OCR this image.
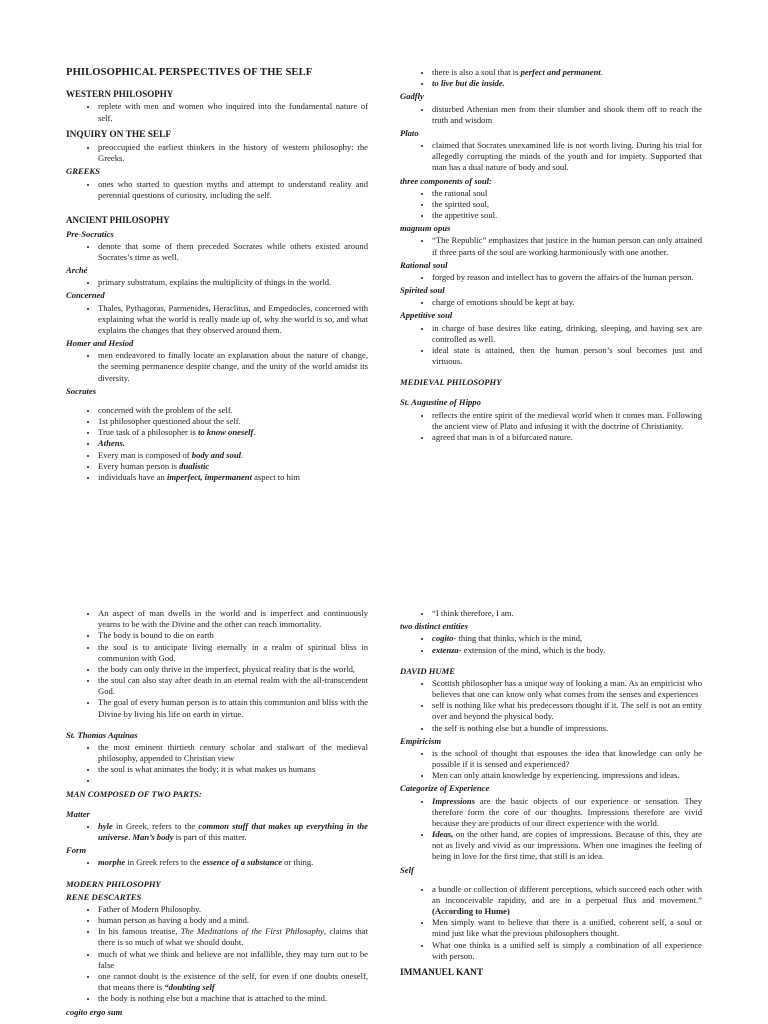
PHILOSOPHICAL PERSPECTIVES OF THE SELF
WESTERN PHILOSOPHY
• replete with men and women who inquired into the fundamental nature of self.
INQUIRY ON THE SELF
• preoccupied the earliest thinkers in the history of western philosophy: the Greeks.
GREEKS
• ones who started to question myths and attempt to understand reality and perennial questions of curiosity, including the self.
ANCIENT PHILOSOPHY
Pre-Socratics
• denote that some of them preceded Socrates while others existed around Socrates’s time as well.
Arché
• primary substratum, explains the multiplicity of things in the world.
Concerned
• Thales, Pythagoras, Parmenides, Heraclitus, and Empedocles, concerned with explaining what the world is really made up of, why the world is so, and what explains the changes that they observed around them.
Homer and Hesiod
• men endeavored to finally locate an explanation about the nature of change, the seeming permanence despite change, and the unity of the world amidst its diversity.
Socrates
• concerned with the problem of the self.
• 1st philosopher questioned about the self.
• True task of a philosopher is to know oneself.
• Athens.
• Every man is composed of body and soul.
• Every human person is dualistic
• individuals have an imperfect, impermanent aspect to him
• there is also a soul that is perfect and permanent.
• to live but die inside.
Gadfly
• disturbed Athenian men from their slumber and shook them off to reach the truth and wisdom
Plato
• claimed that Socrates unexamined life is not worth living. During his trial for allegedly corrupting the minds of the youth and for impiety. Supported that man has a dual nature of body and soul.
three components of soul:
• the rational soul
• the spirited soul,
• the appetitive soul.
magnum opus
• “The Republic” emphasizes that justice in the human person can only attained if three parts of the soul are working harmoniously with one another.
Rational soul
• forged by reason and intellect has to govern the affairs of the human person.
Spirited soul
• charge of emotions should be kept at bay.
Appetitive soul
• in charge of base desires like eating, drinking, sleeping, and having sex are controlled as well.
• ideal state is attained, then the human person’s soul becomes just and virtuous.
MEDIEVAL PHILOSOPHY
St. Augustine of Hippo
• reflects the entire spirit of the medieval world when it comes man. Following the ancient view of Plato and infusing it with the doctrine of Christianity.
• agreed that man is of a bifurcated nature.
• An aspect of man dwells in the world and is imperfect and continuously yearns to be with the Divine and the other can reach immortality.
• The body is bound to die on earth
• the soul is to anticipate living eternally in a realm of spiritual bliss in communion with God.
• the body can only thrive in the imperfect, physical reality that is the world,
• the soul can also stay after death in an eternal realm with the all-transcendent God.
• The goal of every human person is to attain this communion and bliss with the Divine by living his life on earth in virtue.
St. Thomas Aquinas
• the most eminent thirtieth century scholar and stalwart of the medieval philosophy, appended to Christian view
• the soul is what animates the body; it is what makes us humans
•
MAN COMPOSED OF TWO PARTS:
Matter
• hyle in Greek, refers to the common stuff that makes up everything in the universe. Man’s body is part of this matter.
Form
• morphe in Greek refers to the essence of a substance or thing.
MODERN PHILOSOPHY
RENE DESCARTES
• Father of Modern Philosophy.
• human person as having a body and a mind.
• In his famous treatise, The Meditations of the First Philosophy, claims that there is so much of what we should doubt.
• much of what we think and believe are not infallible, they may turn out to be false
• one cannot doubt is the existence of the self, for even if one doubts oneself, that means there is “doubting self
• the body is nothing else but a machine that is attached to the mind.
cogito ergo sum
• “I think therefore, I am.
two distinct entities
• cogito- thing that thinks, which is the mind,
• extenza- extension of the mind, which is the body.
DAVID HUME
• Scottish philosopher has a unique way of looking a man. As an empiricist who believes that one can know only what comes from the senses and experiences
• self is nothing like what his predecessors thought if it. The self is not an entity over and beyond the physical body.
• the self is nothing else but a bundle of impressions.
Empiricism
• is the school of thought that espouses the idea that knowledge can only be possible if it is sensed and experienced?
• Men can only attain knowledge by experiencing. impressions and ideas.
Categorize of Experience
• Impressions are the basic objects of our experience or sensation. They therefore form the core of our thoughts. Impressions therefore are vivid because they are products of our direct experience with the world.
• Ideas, on the other hand, are copies of impressions. Because of this, they are not as lively and vivid as our impressions. When one imagines the feeling of being in love for the first time, that still is an idea.
Self
• a bundle or collection of different perceptions, which succeed each other with an inconceivable rapidity, and are in a perpetual flux and movement.” (According to Hume)
• Men simply want to believe that there is a unified, coherent self, a soul or mind just like what the previous philosophers thought.
• What one thinks is a unified self is simply a combination of all experience with person.
IMMANUEL KANT
